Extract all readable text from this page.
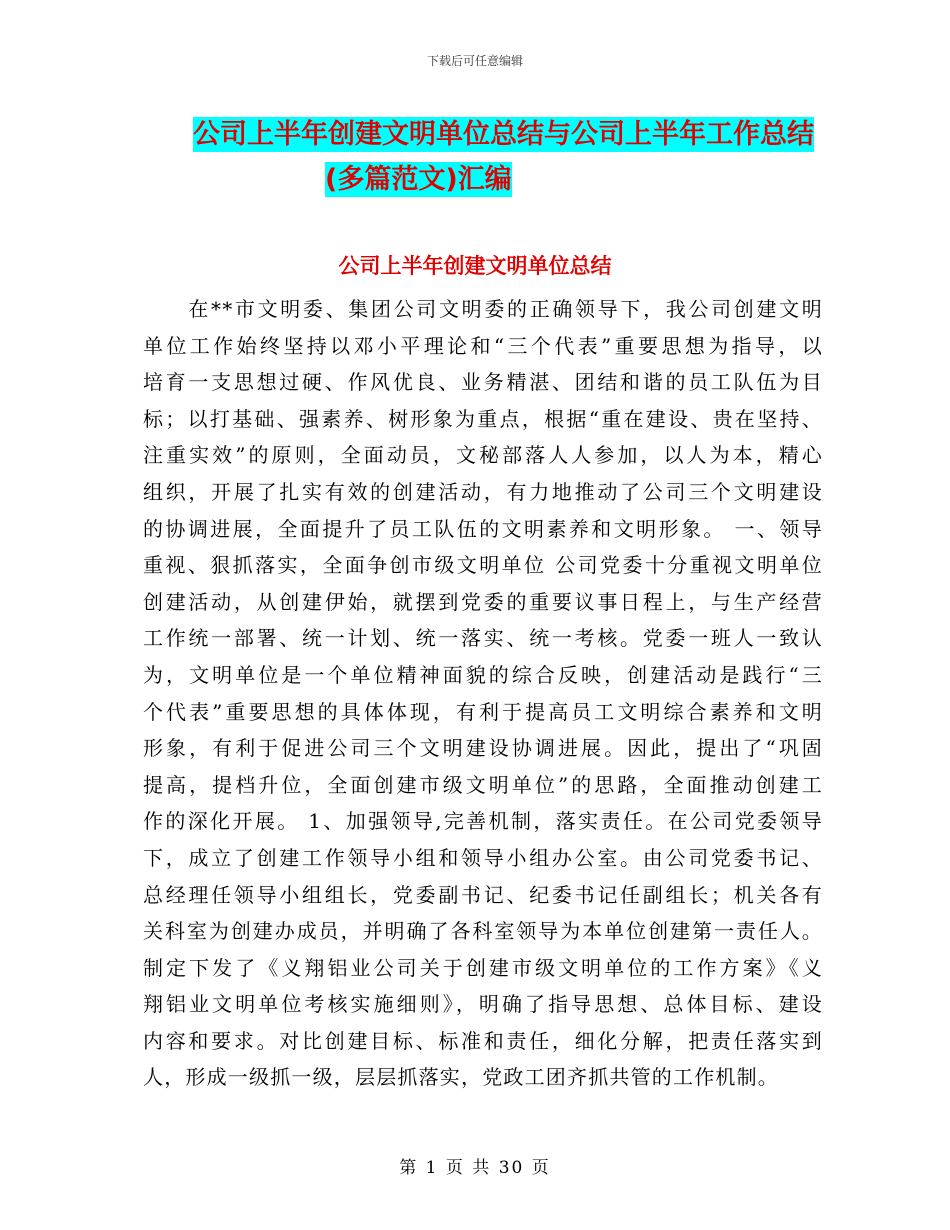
下载后可任意编辑
公司上半年创建文明单位总结与公司上半年工作总结
(多篇范文)汇编
公司上半年创建文明单位总结
　　在**市文明委、集团公司文明委的正确领导下，我公司创建文明
单位工作始终坚持以邓小平理论和“三个代表”重要思想为指导，以
培育一支思想过硬、作风优良、业务精湛、团结和谐的员工队伍为目
标；以打基础、强素养、树形象为重点，根据“重在建设、贵在坚持、
注重实效”的原则，全面动员，文秘部落人人参加，以人为本，精心
组织，开展了扎实有效的创建活动，有力地推动了公司三个文明建设
的协调进展，全面提升了员工队伍的文明素养和文明形象。 一、领导
重视、狠抓落实，全面争创市级文明单位 公司党委十分重视文明单位
创建活动，从创建伊始，就摆到党委的重要议事日程上，与生产经营
工作统一部署、统一计划、统一落实、统一考核。党委一班人一致认
为，文明单位是一个单位精神面貌的综合反映，创建活动是践行“三
个代表”重要思想的具体体现，有利于提高员工文明综合素养和文明
形象，有利于促进公司三个文明建设协调进展。因此，提出了“巩固
提高，提档升位，全面创建市级文明单位”的思路，全面推动创建工
作的深化开展。 1、加强领导,完善机制，落实责任。在公司党委领导
下，成立了创建工作领导小组和领导小组办公室。由公司党委书记、
总经理任领导小组组长，党委副书记、纪委书记任副组长；机关各有
关科室为创建办成员，并明确了各科室领导为本单位创建第一责任人。
制定下发了《义翔铝业公司关于创建市级文明单位的工作方案》《义
翔铝业文明单位考核实施细则》，明确了指导思想、总体目标、建设
内容和要求。对比创建目标、标准和责任，细化分解，把责任落实到
人，形成一级抓一级，层层抓落实，党政工团齐抓共管的工作机制。
第 1 页 共 30 页
